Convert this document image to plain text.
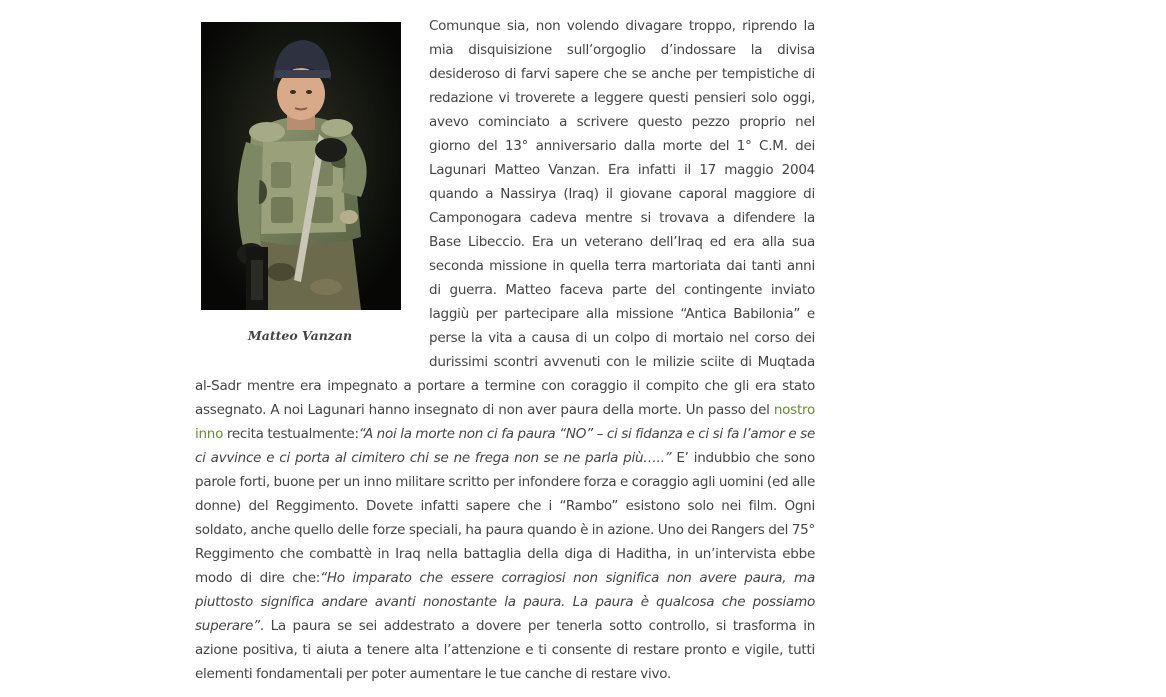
Matteo Vanzan

Comunque sia, non volendo divagare troppo, riprendo la mia disquisizione sull’orgoglio d’indossare la divisa desideroso di farvi sapere che se anche per tempistiche di redazione vi troverete a leggere questi pensieri solo oggi, avevo cominciato a scrivere questo pezzo proprio nel giorno del 13° anniversario dalla morte del 1° C.M. dei Lagunari Matteo Vanzan. Era infatti il 17 maggio 2004 quando a Nassirya (Iraq) il giovane caporal maggiore di Camponogara cadeva mentre si trovava a difendere la Base Libeccio. Era un veterano dell’Iraq ed era alla sua seconda missione in quella terra martoriata dai tanti anni di guerra. Matteo faceva parte del contingente inviato laggiù per partecipare alla missione “Antica Babilonia” e perse la vita a causa di un colpo di mortaio nel corso dei durissimi scontri avvenuti con le milizie sciite di Muqtada al-Sadr mentre era impegnato a portare a termine con coraggio il compito che gli era stato assegnato. A noi Lagunari hanno insegnato di non aver paura della morte. Un passo del nostro inno recita testualmente:“A noi la morte non ci fa paura “NO” – ci si fidanza e ci si fa l’amor e se ci avvince e ci porta al cimitero chi se ne frega non se ne parla più…..” E’ indubbio che sono parole forti, buone per un inno militare scritto per infondere forza e coraggio agli uomini (ed alle donne) del Reggimento. Dovete infatti sapere che i “Rambo” esistono solo nei film. Ogni soldato, anche quello delle forze speciali, ha paura quando è in azione. Uno dei Rangers del 75° Reggimento che combattè in Iraq nella battaglia della diga di Haditha, in un’intervista ebbe modo di dire che:“Ho imparato che essere corragiosi non significa non avere paura, ma piuttosto significa andare avanti nonostante la paura. La paura è qualcosa che possiamo superare”. La paura se sei addestrato a dovere per tenerla sotto controllo, si trasforma in azione positiva, ti aiuta a tenere alta l’attenzione e ti consente di restare pronto e vigile, tutti elementi fondamentali per poter aumentare le tue canche di restare vivo.
